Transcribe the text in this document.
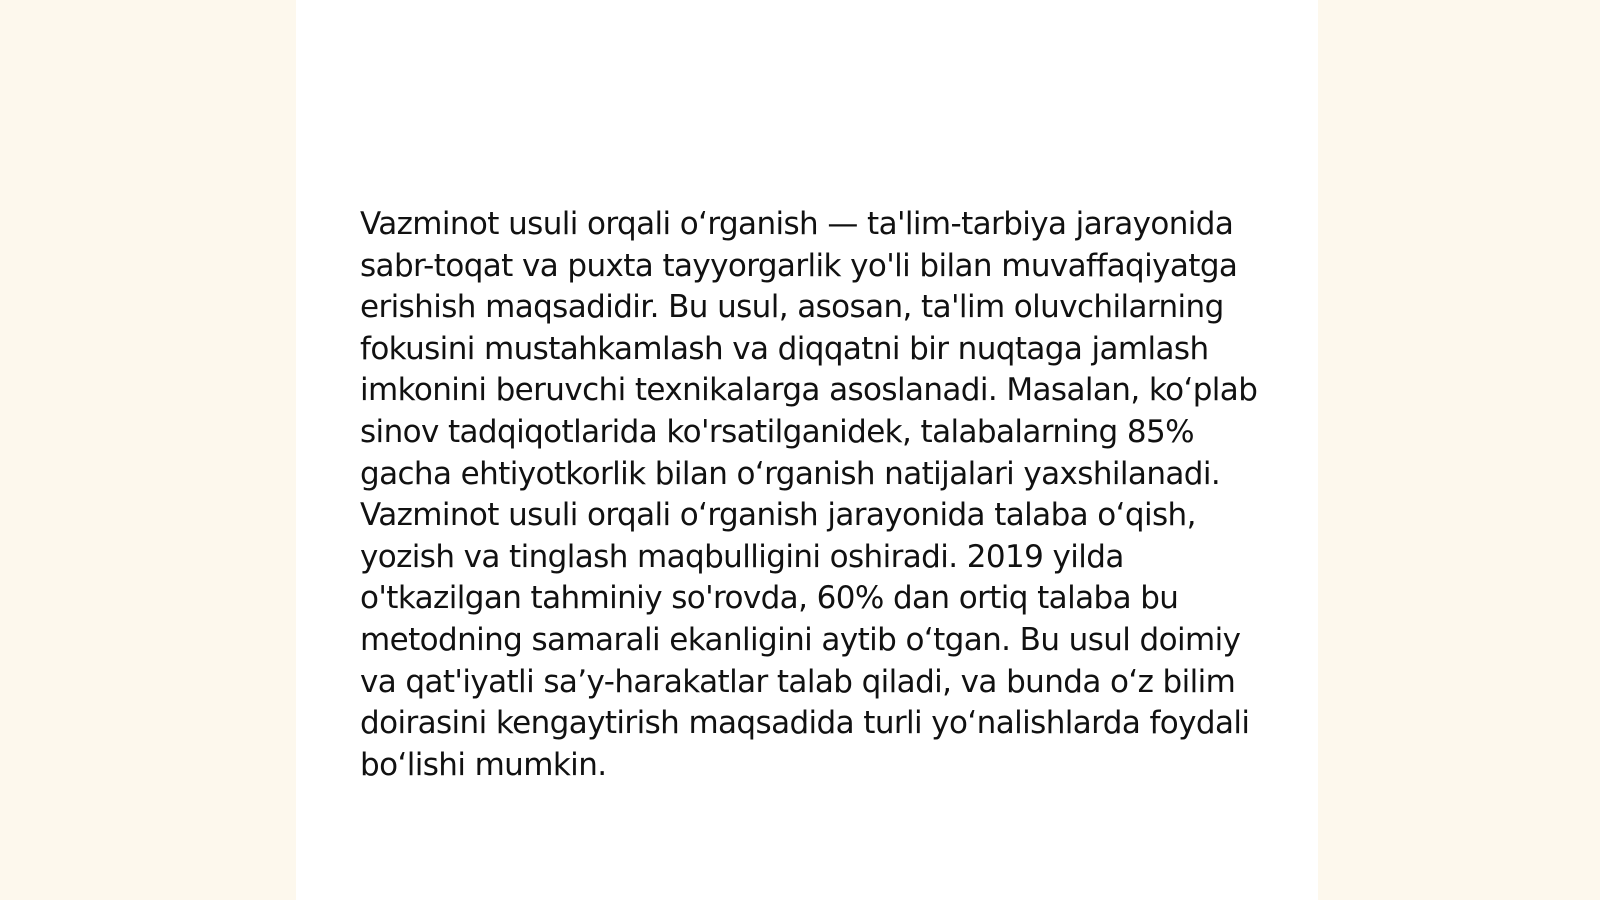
Vazminot usuli orqali o‘rganish — ta'lim-tarbiya jarayonida sabr-toqat va puxta tayyorgarlik yo'li bilan muvaffaqiyatga erishish maqsadidir. Bu usul, asosan, ta'lim oluvchilarning fokusini mustahkamlash va diqqatni bir nuqtaga jamlash imkonini beruvchi texnikalarga asoslanadi. Masalan, ko‘plab sinov tadqiqotlarida ko'rsatilganidek, talabalarning 85% gacha ehtiyotkorlik bilan o‘rganish natijalari yaxshilanadi. Vazminot usuli orqali o‘rganish jarayonida talaba o‘qish, yozish va tinglash maqbulligini oshiradi. 2019 yilda o'tkazilgan tahminiy so'rovda, 60% dan ortiq talaba bu metodning samarali ekanligini aytib o‘tgan. Bu usul doimiy va qat'iyatli sa’y-harakatlar talab qiladi, va bunda o‘z bilim doirasini kengaytirish maqsadida turli yo‘nalishlarda foydali bo‘lishi mumkin.
